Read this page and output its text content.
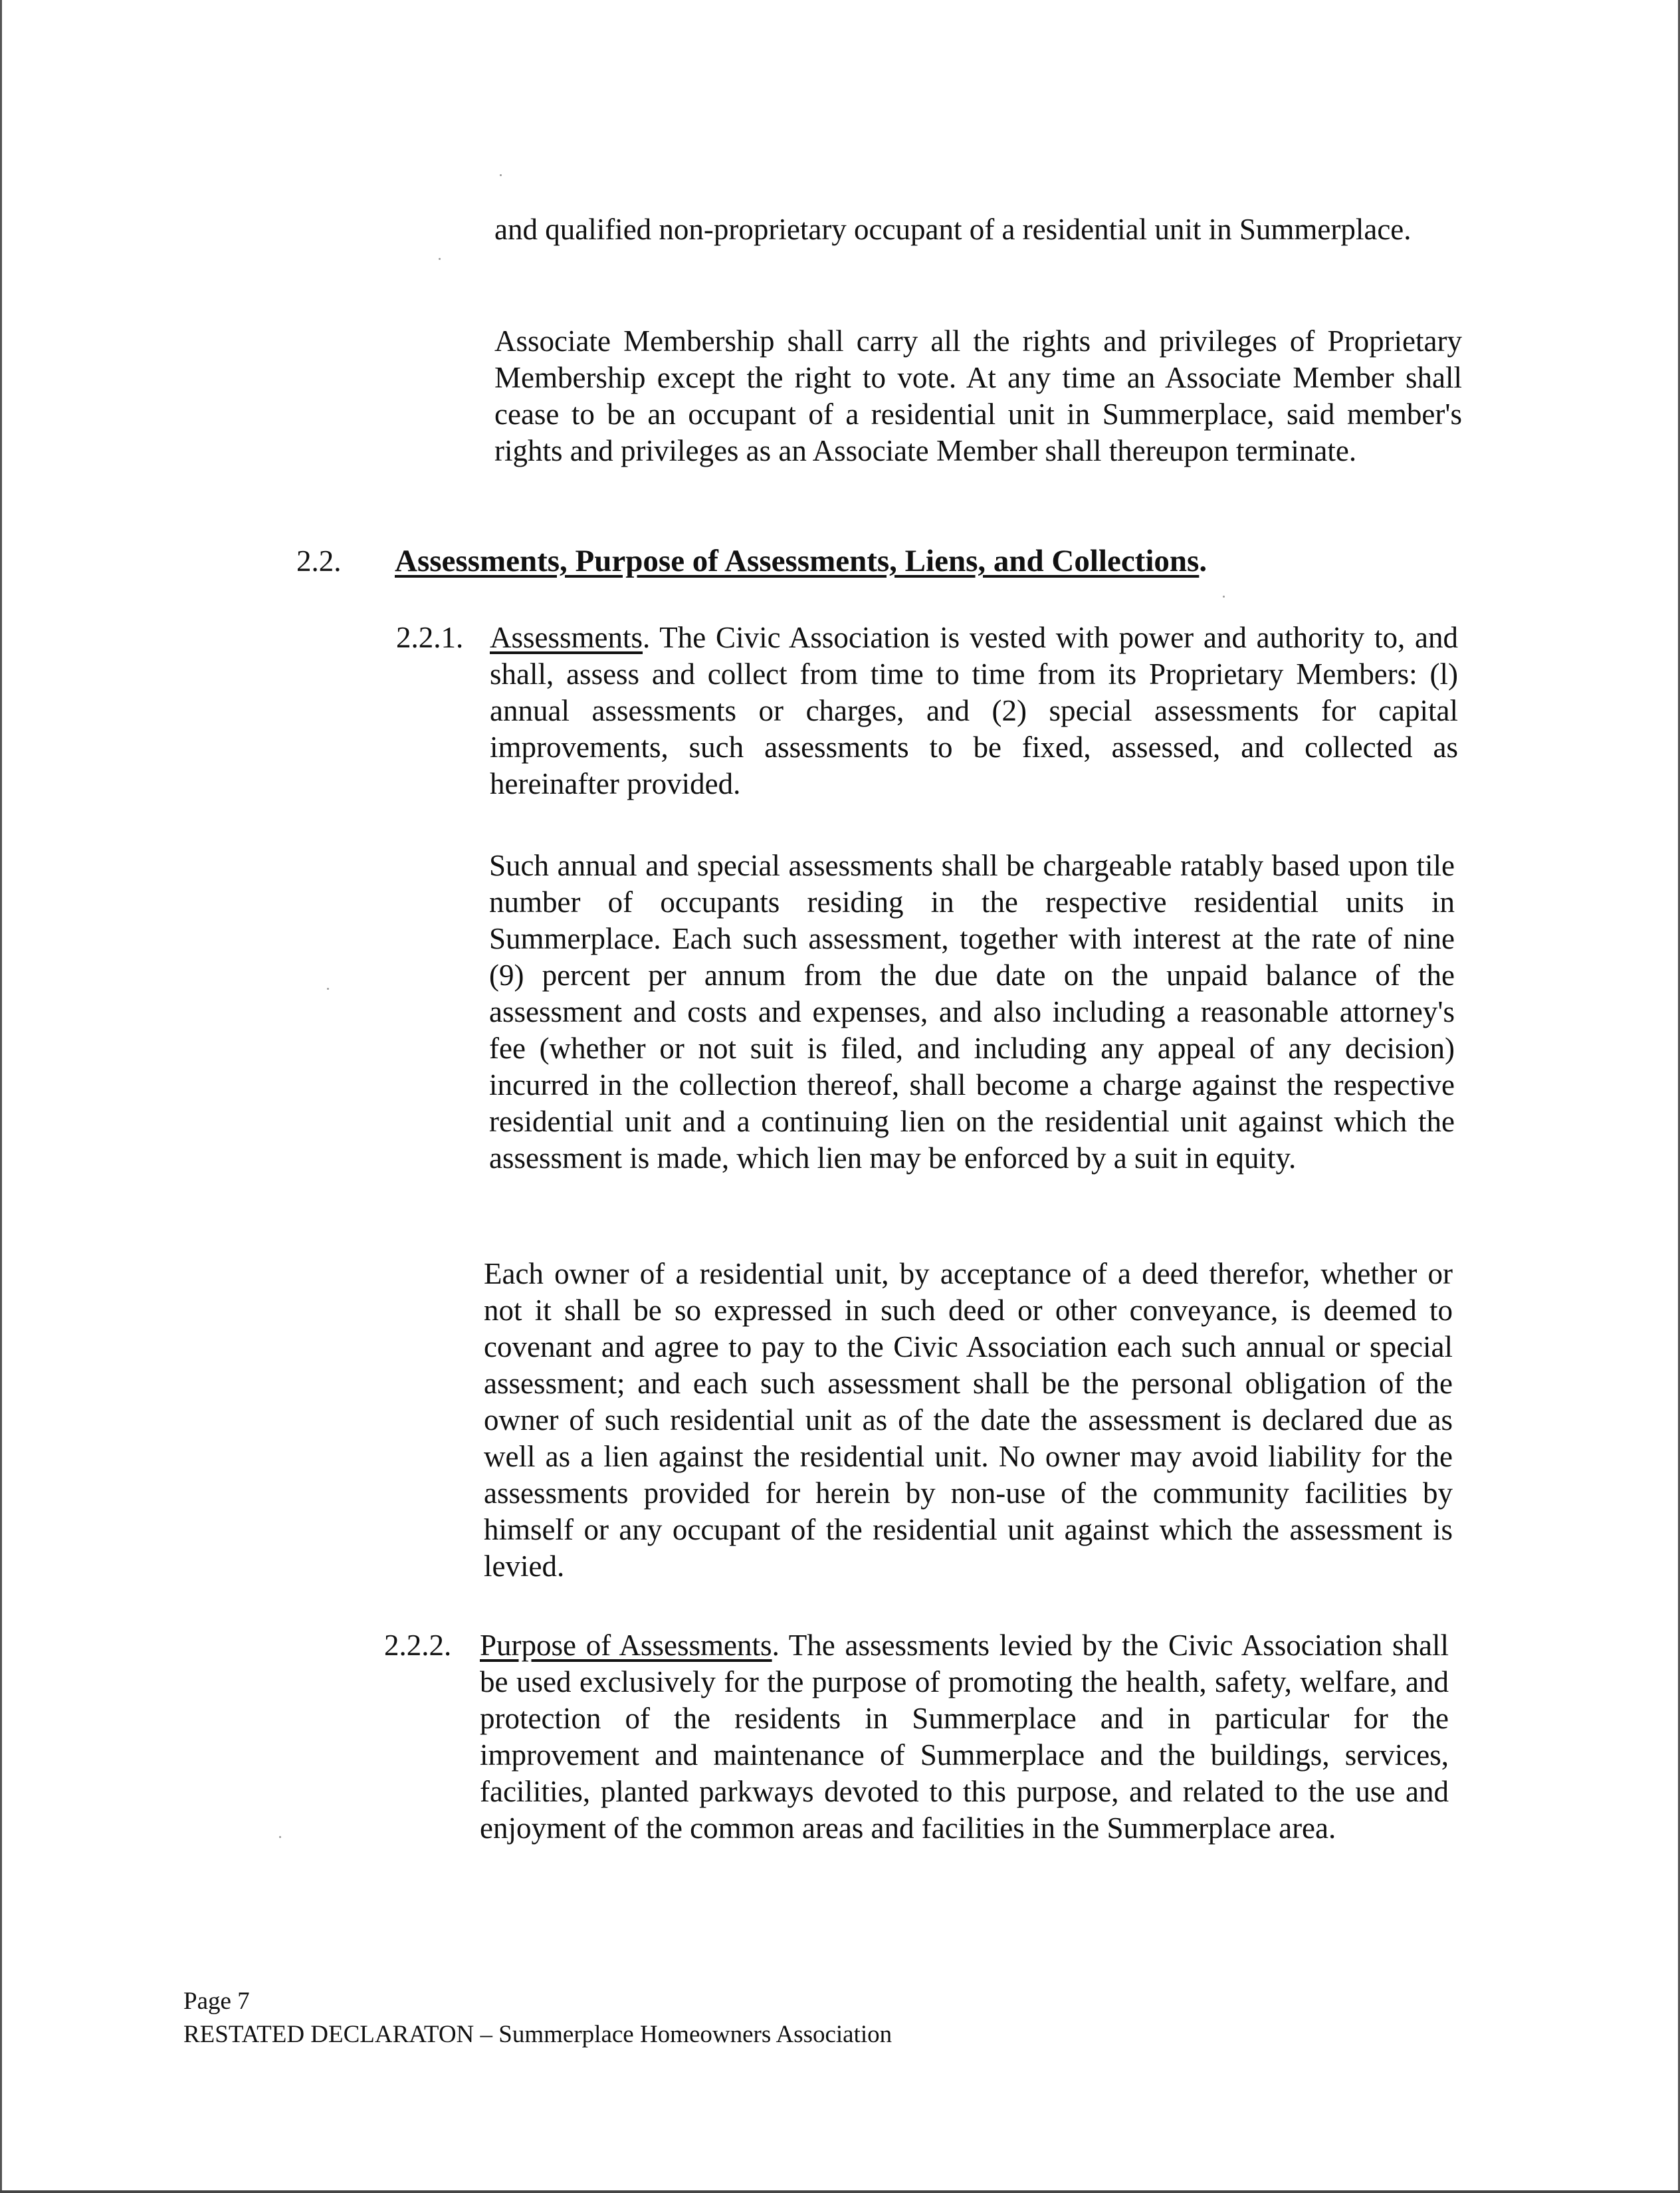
and qualified non-proprietary occupant of a residential unit in Summerplace.
Associate Membership shall carry all the rights and privileges of Proprietary Membership except the right to vote. At any time an Associate Member shall cease to be an occupant of a residential unit in Summerplace, said member's rights and privileges as an Associate Member shall thereupon terminate.
2.2. Assessments, Purpose of Assessments, Liens, and Collections.
2.2.1. Assessments. The Civic Association is vested with power and authority to, and shall, assess and collect from time to time from its Proprietary Members: (l) annual assessments or charges, and (2) special assessments for capital improvements, such assessments to be fixed, assessed, and collected as hereinafter provided.
Such annual and special assessments shall be chargeable ratably based upon tile number of occupants residing in the respective residential units in Summerplace. Each such assessment, together with interest at the rate of nine (9) percent per annum from the due date on the unpaid balance of the assessment and costs and expenses, and also including a reasonable attorney's fee (whether or not suit is filed, and including any appeal of any decision) incurred in the collection thereof, shall become a charge against the respective residential unit and a continuing lien on the residential unit against which the assessment is made, which lien may be enforced by a suit in equity.
Each owner of a residential unit, by acceptance of a deed therefor, whether or not it shall be so expressed in such deed or other conveyance, is deemed to covenant and agree to pay to the Civic Association each such annual or special assessment; and each such assessment shall be the personal obligation of the owner of such residential unit as of the date the assessment is declared due as well as a lien against the residential unit. No owner may avoid liability for the assessments provided for herein by non-use of the community facilities by himself or any occupant of the residential unit against which the assessment is levied.
2.2.2. Purpose of Assessments. The assessments levied by the Civic Association shall be used exclusively for the purpose of promoting the health, safety, welfare, and protection of the residents in Summerplace and in particular for the improvement and maintenance of Summerplace and the buildings, services, facilities, planted parkways devoted to this purpose, and related to the use and enjoyment of the common areas and facilities in the Summerplace area.
Page 7
RESTATED DECLARATON – Summerplace Homeowners Association
